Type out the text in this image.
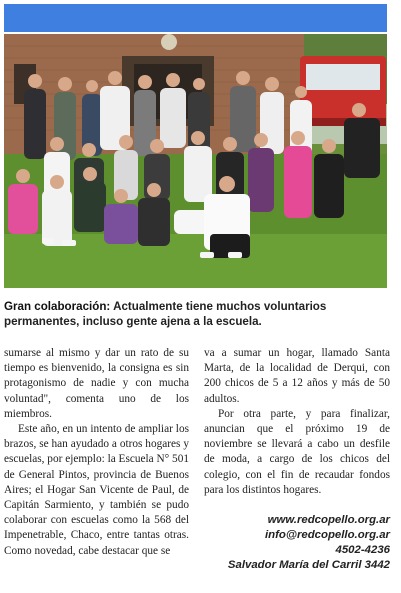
Gran colaboración: Actualmente tiene muchos voluntarios permanentes, incluso gente ajena a la escuela.

sumarse al mismo y dar un rato de su tiempo es bienvenido, la consigna es sin protagonismo de nadie y con mucha voluntad", comenta uno de los miembros.

Este año, en un intento de ampliar los brazos, se han ayudado a otros hogares y escuelas, por ejemplo: la Escuela N° 501 de General Pintos, provincia de Buenos Aires; el Hogar San Vicente de Paul, de Capitán Sarmiento, y también se pudo colaborar con escuelas como la 568 del Impenetrable, Chaco, entre tantas otras. Como novedad, cabe destacar que se

va a sumar un hogar, llamado Santa Marta, de la localidad de Derqui, con 200 chicos de 5 a 12 años y más de 50 adultos.

Por otra parte, y para finalizar, anuncian que el próximo 19 de noviembre se llevará a cabo un desfile de moda, a cargo de los chicos del colegio, con el fin de recaudar fondos para los distintos hogares.

www.redcopello.org.ar
info@redcopello.org.ar
4502-4236
Salvador María del Carril 3442
